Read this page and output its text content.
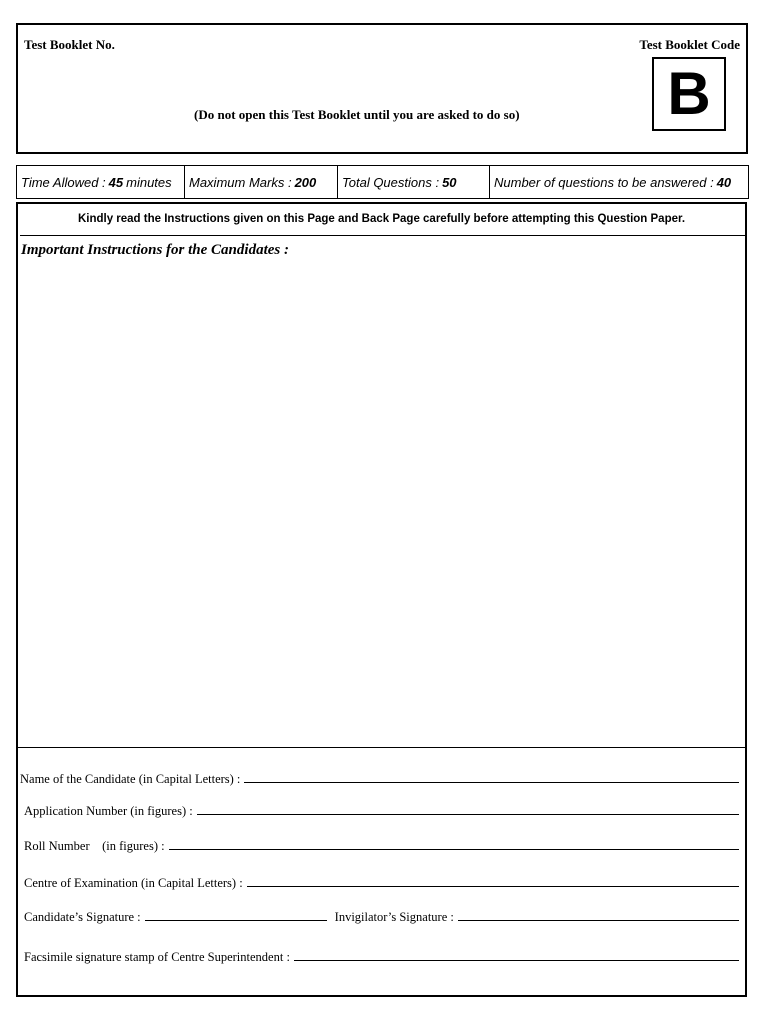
Test Booklet No.	Test Booklet Code
B
(Do not open this Test Booklet until you are asked to do so)
Time Allowed : 45 minutes Maximum Marks : 200 Total Questions : 50	Number of questions to be answered : 40
Kindly read the Instructions given on this Page and Back Page carefully before attempting this Question Paper.
Important Instructions for the Candidates :
Name of the Candidate (in Capital Letters) :
Application Number (in figures) :
Roll Number    (in figures) :
Centre of Examination (in Capital Letters) :
Candidate’s Signature :	Invigilator’s Signature :
Facsimile signature stamp of Centre Superintendent :
